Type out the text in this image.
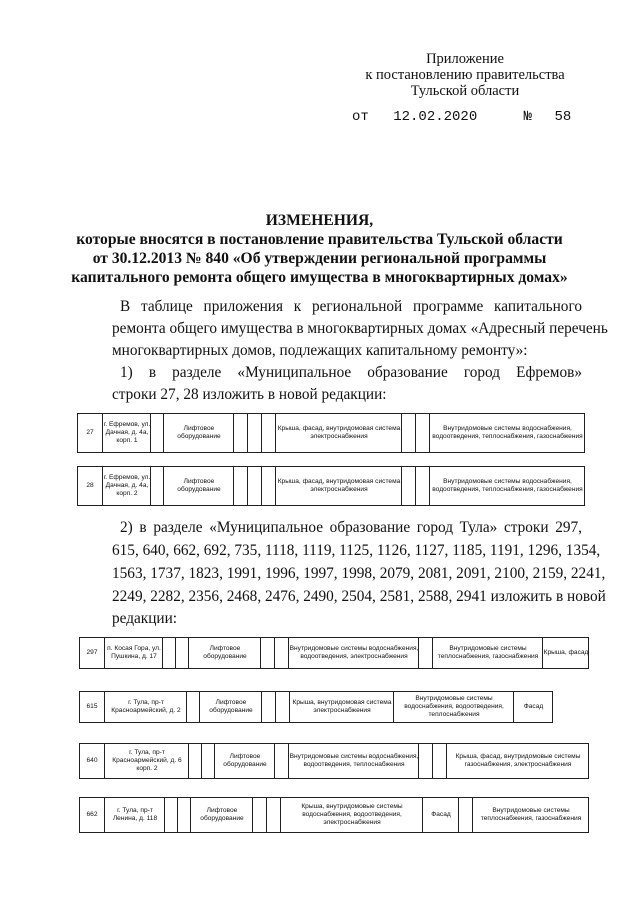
Приложение
к постановлению правительства
Тульской области
от 12.02.2020	№ 58
ИЗМЕНЕНИЯ,
которые вносятся в постановление правительства Тульской области
от 30.12.2013 № 840 «Об утверждении региональной программы
капитального ремонта общего имущества в многоквартирных домах»
В таблице приложения к региональной программе капитального
ремонта общего имущества в многоквартирных домах «Адресный перечень
многоквартирных домов, подлежащих капитальному ремонту»:
1) в разделе «Муниципальное образование город Ефремов»
строки 27, 28 изложить в новой редакции:
27
г. Ефремов, ул. Дачная, д. 4а, корп. 1
Лифтовое оборудование
Крыша, фасад, внутридомовая система электроснабжения
Внутридомовые системы водоснабжения, водоотведения, теплоснабжения, газоснабжения
28
г. Ефремов, ул. Дачная, д. 4а, корп. 2
Лифтовое оборудование
Крыша, фасад, внутридомовая система электроснабжения
Внутридомовые системы водоснабжения, водоотведения, теплоснабжения, газоснабжения
2) в разделе «Муниципальное образование город Тула» строки 297,
615, 640, 662, 692, 735, 1118, 1119, 1125, 1126, 1127, 1185, 1191, 1296, 1354,
1563, 1737, 1823, 1991, 1996, 1997, 1998, 2079, 2081, 2091, 2100, 2159, 2241,
2249, 2282, 2356, 2468, 2476, 2490, 2504, 2581, 2588, 2941 изложить в новой
редакции:
297
п. Косая Гора, ул. Пушкина, д. 17
Лифтовое оборудование
Внутридомовые системы водоснабжения, водоотведения, электроснабжения
Внутридомовые системы теплоснабжения, газоснабжения
Крыша, фасад
615
г. Тула, пр-т Красноармейский, д. 2
Лифтовое оборудование
Крыша, внутридомовая система электроснабжения
Внутридомовые системы водоснабжения, водоотведения, теплоснабжения
Фасад
640
г. Тула, пр-т Красноармейский, д. 6 корп. 2
Лифтовое оборудование
Внутридомовые системы водоснабжения, водоотведения, теплоснабжения
Крыша, фасад, внутридомовые системы газоснабжения, электроснабжения
662
г. Тула, пр-т Ленина, д. 118
Лифтовое оборудование
Крыша, внутридомовые системы водоснабжения, водоотведения, электроснабжения
Фасад
Внутридомовые системы теплоснабжения, газоснабжения
